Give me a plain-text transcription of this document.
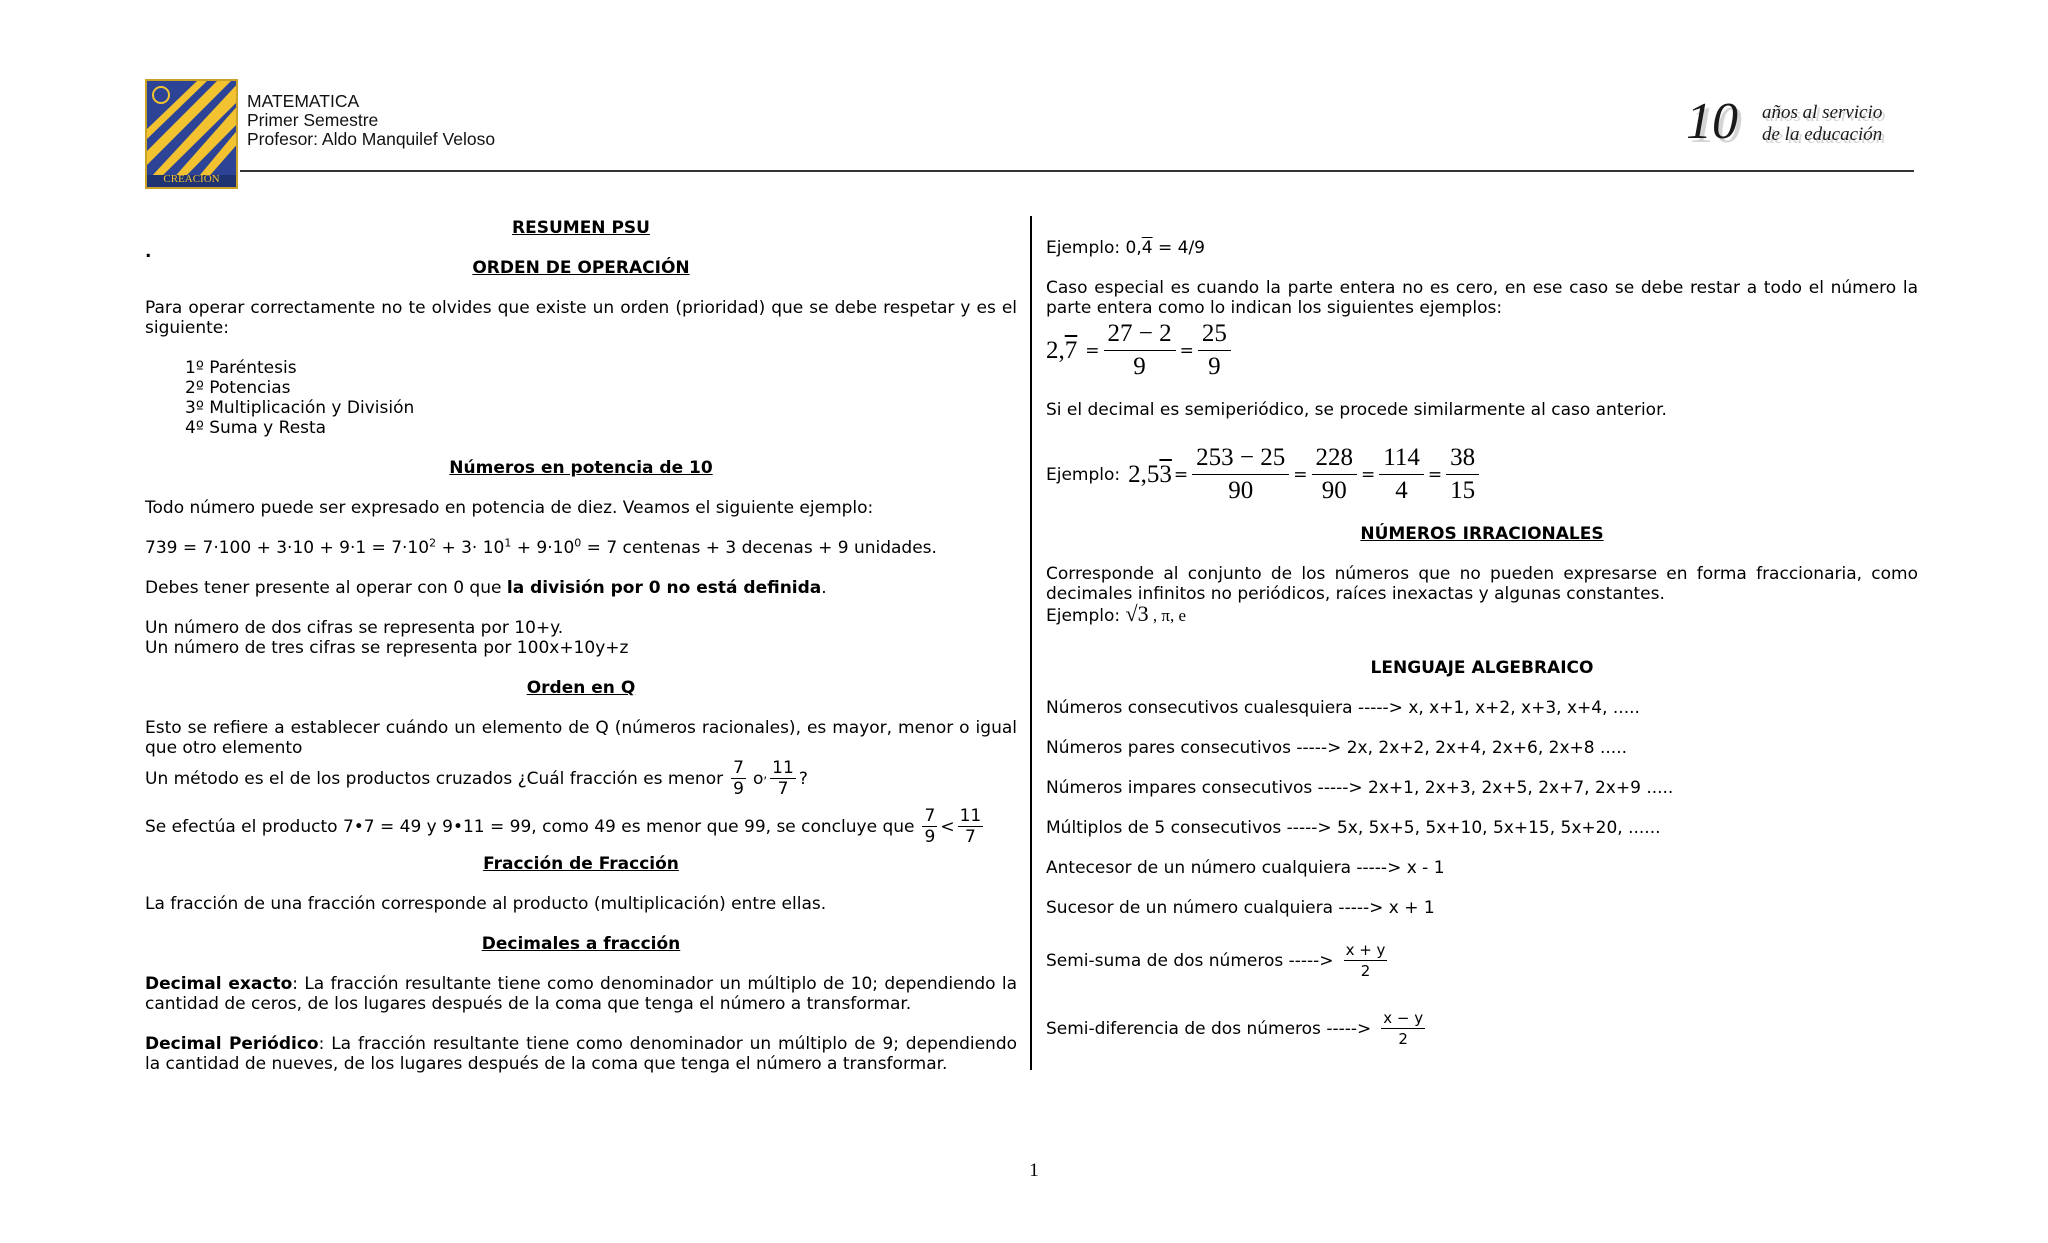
CREACION
MATEMATICA
Primer Semestre
Profesor: Aldo Manquilef Veloso	10 años al servicio
de la educación

RESUMEN PSU

.

ORDEN DE OPERACIÓN

Para operar correctamente no te olvides que existe un orden (prioridad) que se debe respetar y es el siguiente:

1º Paréntesis
2º Potencias
3º Multiplicación y División
4º Suma y Resta

Números en potencia de 10

Todo número puede ser expresado en potencia de diez. Veamos el siguiente ejemplo:

$739 = 7\cdot 100 + 3\cdot 10 + 9\cdot 1 = 7\cdot 10^2 + 3\cdot 10^1 + 9\cdot 10^0 = 7$ centenas + 3 decenas + 9 unidades.

Debes tener presente al operar con 0 que la división por 0 no está definida.

Un número de dos cifras se representa por 10+y.

Un número de tres cifras se representa por 100x+10y+z

Orden en Q

Esto se refiere a establecer cuándo un elemento de Q (números racionales), es mayor, menor o igual que otro elemento

Un método es el de los productos cruzados ¿Cuál fracción es menor $\frac{7}{9}$ o , $\frac{11}{7}$ ?
Se efectúa el producto 7•7 = 49 y 9•11 = 99, como 49 es menor que 99, se concluye que $\frac{7}{9} < \frac{11}{7}$

Fracción de Fracción

La fracción de una fracción corresponde al producto (multiplicación) entre ellas.

Decimales a fracción

Decimal exacto: La fracción resultante tiene como denominador un múltiplo de 10; dependiendo la cantidad de ceros, de los lugares después de la coma que tenga el número a transformar.

Decimal Periódico: La fracción resultante tiene como denominador un múltiplo de 9; dependiendo la cantidad de nueves, de los lugares después de la coma que tenga el número a transformar.

Ejemplo: 0,4 = 4/9

Caso especial es cuando la parte entera no es cero, en ese caso se debe restar a todo el número la parte entera como lo indican los siguientes ejemplos:

$2,7 = \frac{27 - 2}{9} = \frac{25}{9}$

Si el decimal es semiperiódico, se procede similarmente al caso anterior.

Ejemplo: $2,53 = \frac{253 - 25}{90} = \frac{228}{90} = \frac{114}{4} = \frac{38}{15}$

NÚMEROS IRRACIONALES

Corresponde al conjunto de los números que no pueden expresarse en forma fraccionaria, como decimales infinitos no periódicos, raíces inexactas y algunas constantes.

Ejemplo: √3 , π, e

LENGUAJE ALGEBRAICO

Números consecutivos cualesquiera -----> x, x+1, x+2, x+3, x+4, .....

Números pares consecutivos -----> 2x, 2x+2, 2x+4, 2x+6, 2x+8 .....

Números impares consecutivos -----> 2x+1, 2x+3, 2x+5, 2x+7, 2x+9 .....

Múltiplos de 5 consecutivos -----> 5x, 5x+5, 5x+10, 5x+15, 5x+20, ......

Antecesor de un número cualquiera -----> x - 1

Sucesor de un número cualquiera -----> x + 1

Semi-suma de dos números -----> $\frac{x + y}{2}$
Semi-diferencia de dos números -----> $\frac{x - y}{2}$
1
